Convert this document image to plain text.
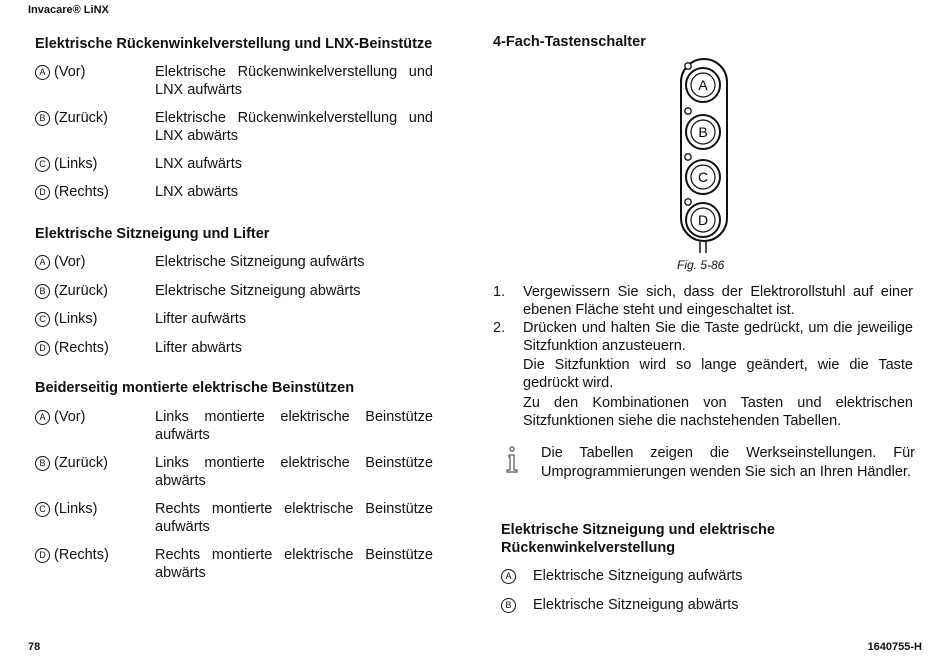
Invacare® LiNX
Elektrische Rückenwinkelverstellung und LNX-Beinstütze
A (Vor)	Elektrische Rückenwinkelverstellung und LNX aufwärts
B (Zurück)	Elektrische Rückenwinkelverstellung und LNX abwärts
C (Links)	LNX aufwärts
D (Rechts)	LNX abwärts
Elektrische Sitzneigung und Lifter
A (Vor)	Elektrische Sitzneigung aufwärts
B (Zurück)	Elektrische Sitzneigung abwärts
C (Links)	Lifter aufwärts
D (Rechts)	Lifter abwärts
Beiderseitig montierte elektrische Beinstützen
A (Vor)	Links montierte elektrische Beinstütze aufwärts
B (Zurück)	Links montierte elektrische Beinstütze abwärts
C (Links)	Rechts montierte elektrische Beinstütze aufwärts
D (Rechts)	Rechts montierte elektrische Beinstütze abwärts
4-Fach-Tastenschalter
A
B
C
D
Fig. 5-86
1. Vergewissern Sie sich, dass der Elektrorollstuhl auf einer ebenen Fläche steht und eingeschaltet ist.
2. Drücken und halten Sie die Taste gedrückt, um die jeweilige Sitzfunktion anzusteuern.
Die Sitzfunktion wird so lange geändert, wie die Taste gedrückt wird.
Zu den Kombinationen von Tasten und elektrischen Sitzfunktionen siehe die nachstehenden Tabellen.
Die Tabellen zeigen die Werkseinstellungen. Für Umprogrammierungen wenden Sie sich an Ihren Händler.
Elektrische Sitzneigung und elektrische Rückenwinkelverstellung
A	Elektrische Sitzneigung aufwärts
B	Elektrische Sitzneigung abwärts
78	1640755-H
